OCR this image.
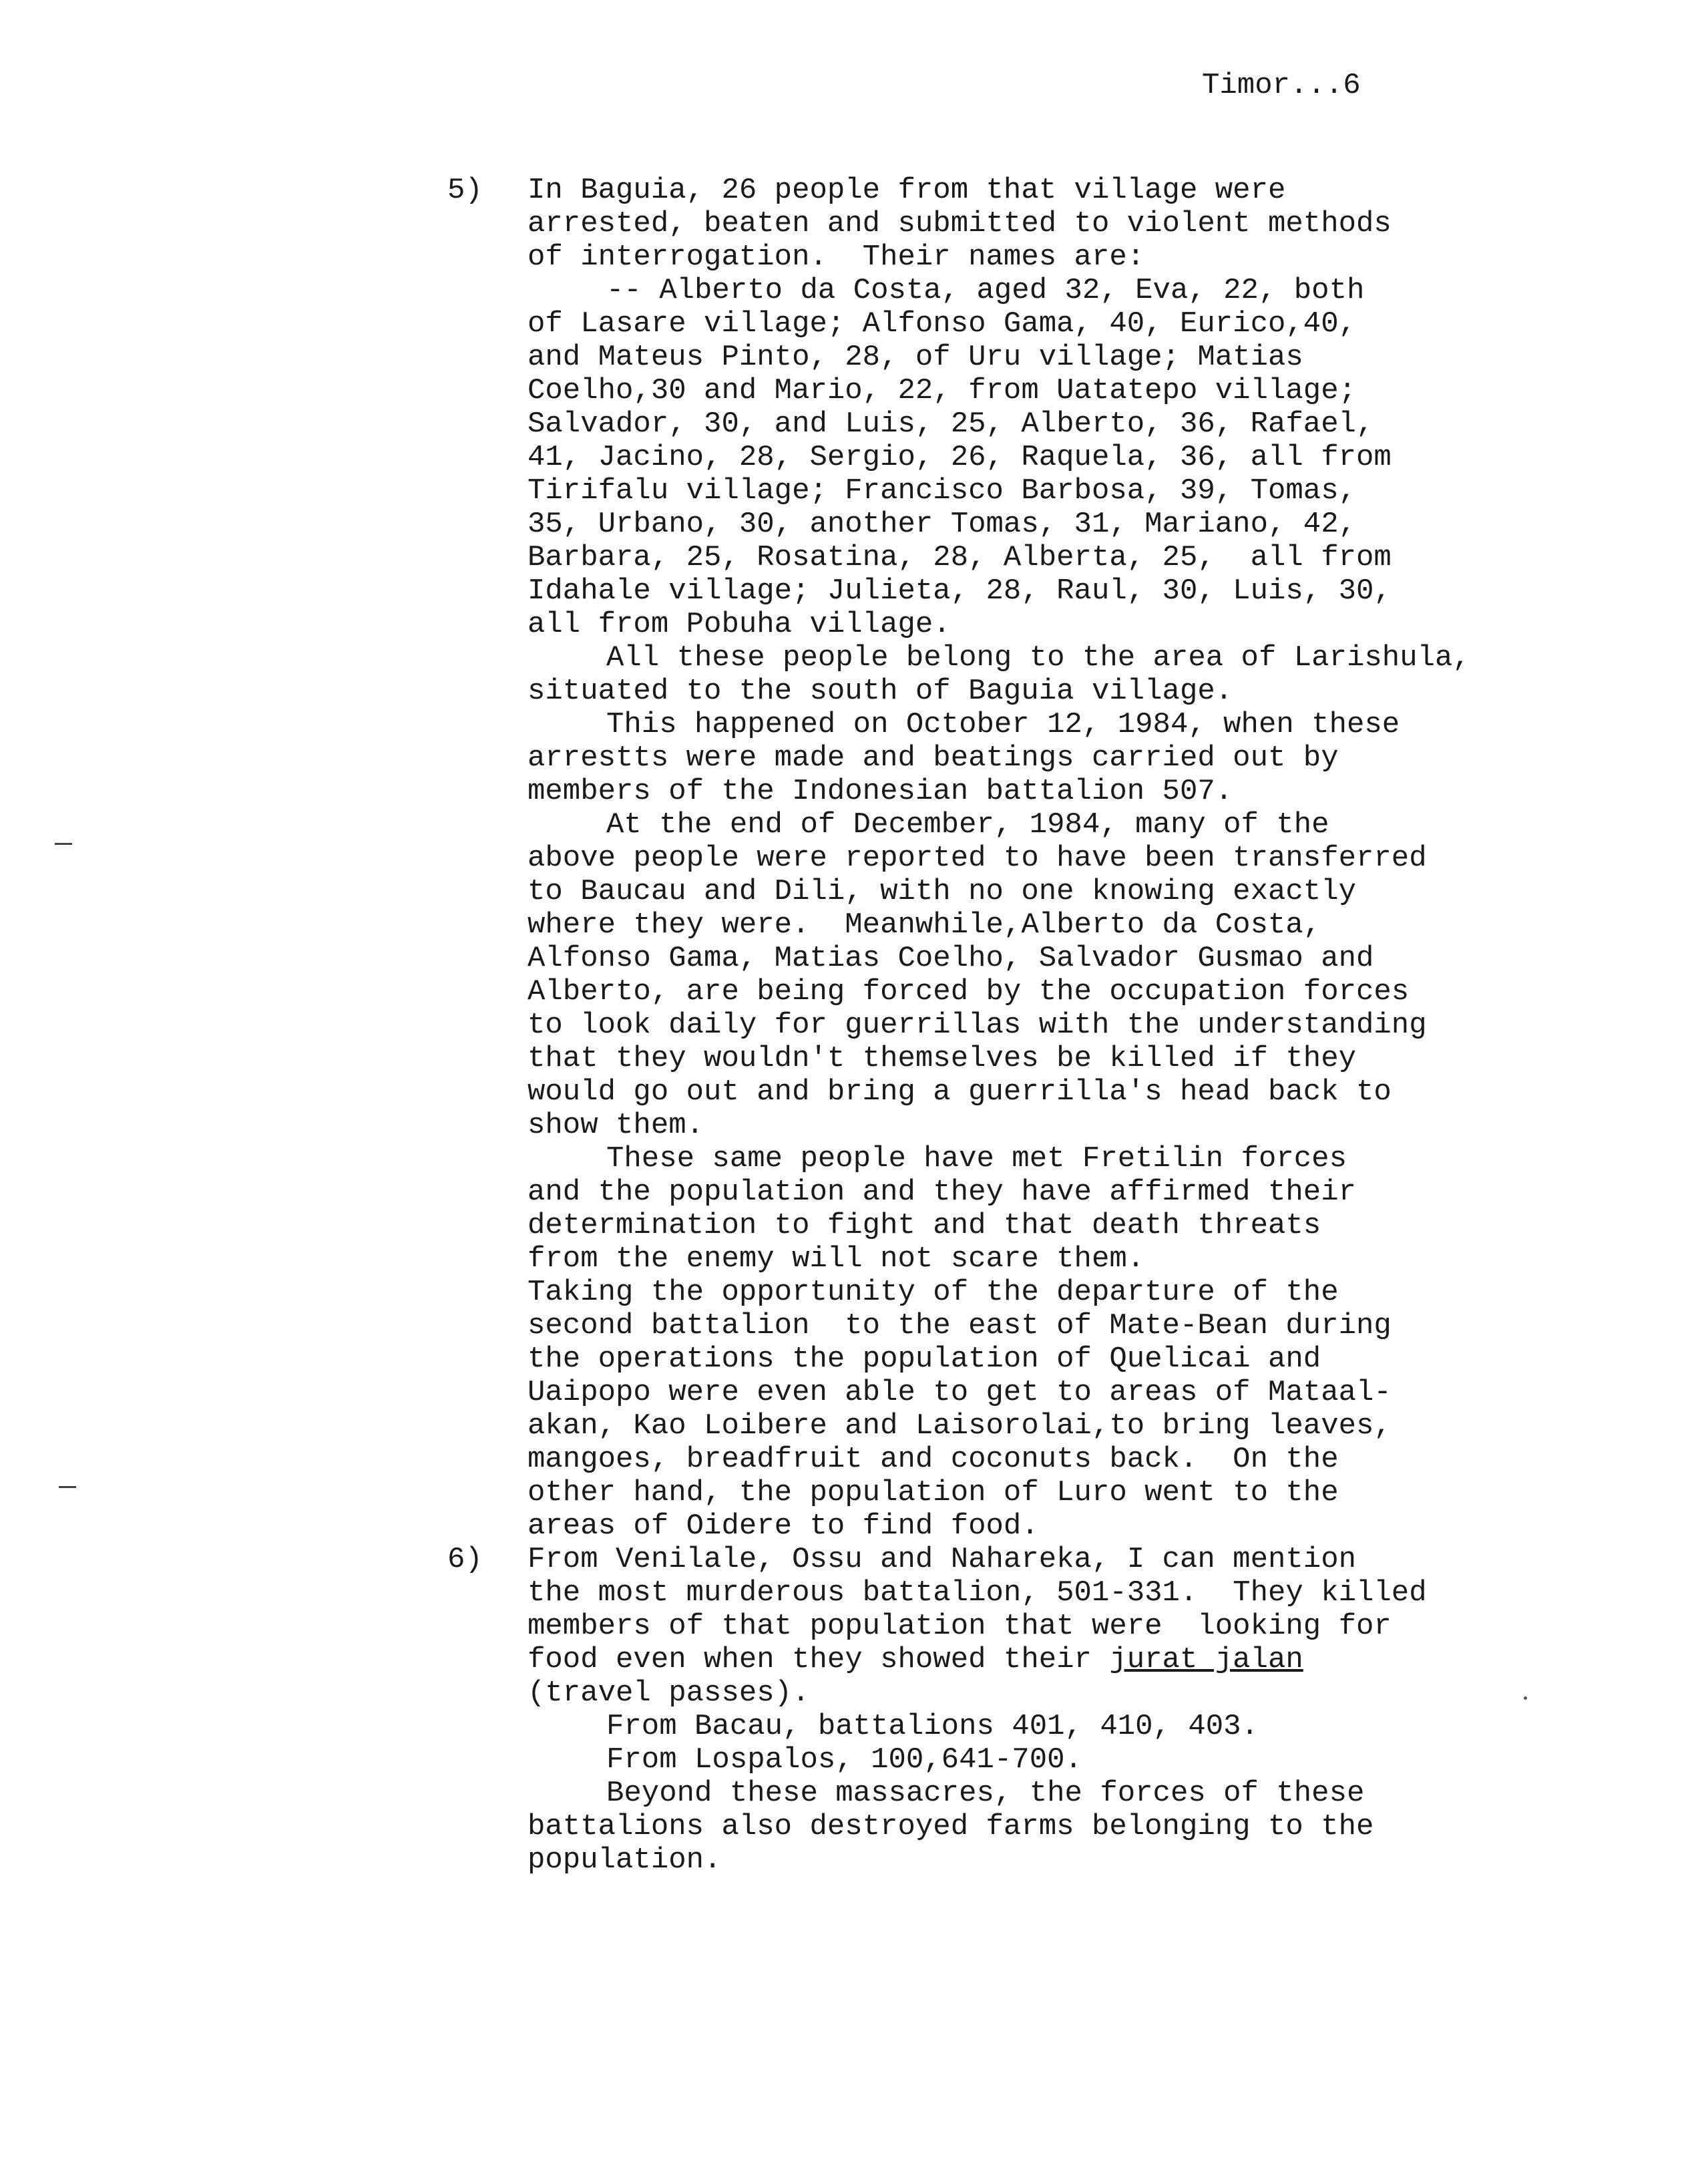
Timor...6
5) In Baguia, 26 people from that village were
arrested, beaten and submitted to violent methods
of interrogation.  Their names are:
-- Alberto da Costa, aged 32, Eva, 22, both
of Lasare village; Alfonso Gama, 40, Eurico,40,
and Mateus Pinto, 28, of Uru village; Matias
Coelho,30 and Mario, 22, from Uatatepo village;
Salvador, 30, and Luis, 25, Alberto, 36, Rafael,
41, Jacino, 28, Sergio, 26, Raquela, 36, all from
Tirifalu village; Francisco Barbosa, 39, Tomas,
35, Urbano, 30, another Tomas, 31, Mariano, 42,
Barbara, 25, Rosatina, 28, Alberta, 25,  all from
Idahale village; Julieta, 28, Raul, 30, Luis, 30,
all from Pobuha village.
All these people belong to the area of Larishula,
situated to the south of Baguia village.
This happened on October 12, 1984, when these
arrestts were made and beatings carried out by
members of the Indonesian battalion 507.
At the end of December, 1984, many of the
above people were reported to have been transferred
to Baucau and Dili, with no one knowing exactly
where they were.  Meanwhile,Alberto da Costa,
Alfonso Gama, Matias Coelho, Salvador Gusmao and
Alberto, are being forced by the occupation forces
to look daily for guerrillas with the understanding
that they wouldn't themselves be killed if they
would go out and bring a guerrilla's head back to
show them.
These same people have met Fretilin forces
and the population and they have affirmed their
determination to fight and that death threats
from the enemy will not scare them.
Taking the opportunity of the departure of the
second battalion  to the east of Mate-Bean during
the operations the population of Quelicai and
Uaipopo were even able to get to areas of Mataal-
akan, Kao Loibere and Laisorolai,to bring leaves,
mangoes, breadfruit and coconuts back.  On the
other hand, the population of Luro went to the
areas of Oidere to find food.
6) From Venilale, Ossu and Nahareka, I can mention
the most murderous battalion, 501-331.  They killed
members of that population that were  looking for
food even when they showed their jurat jalan
(travel passes).
From Bacau, battalions 401, 410, 403.
From Lospalos, 100,641-700.
Beyond these massacres, the forces of these
battalions also destroyed farms belonging to the
population.
